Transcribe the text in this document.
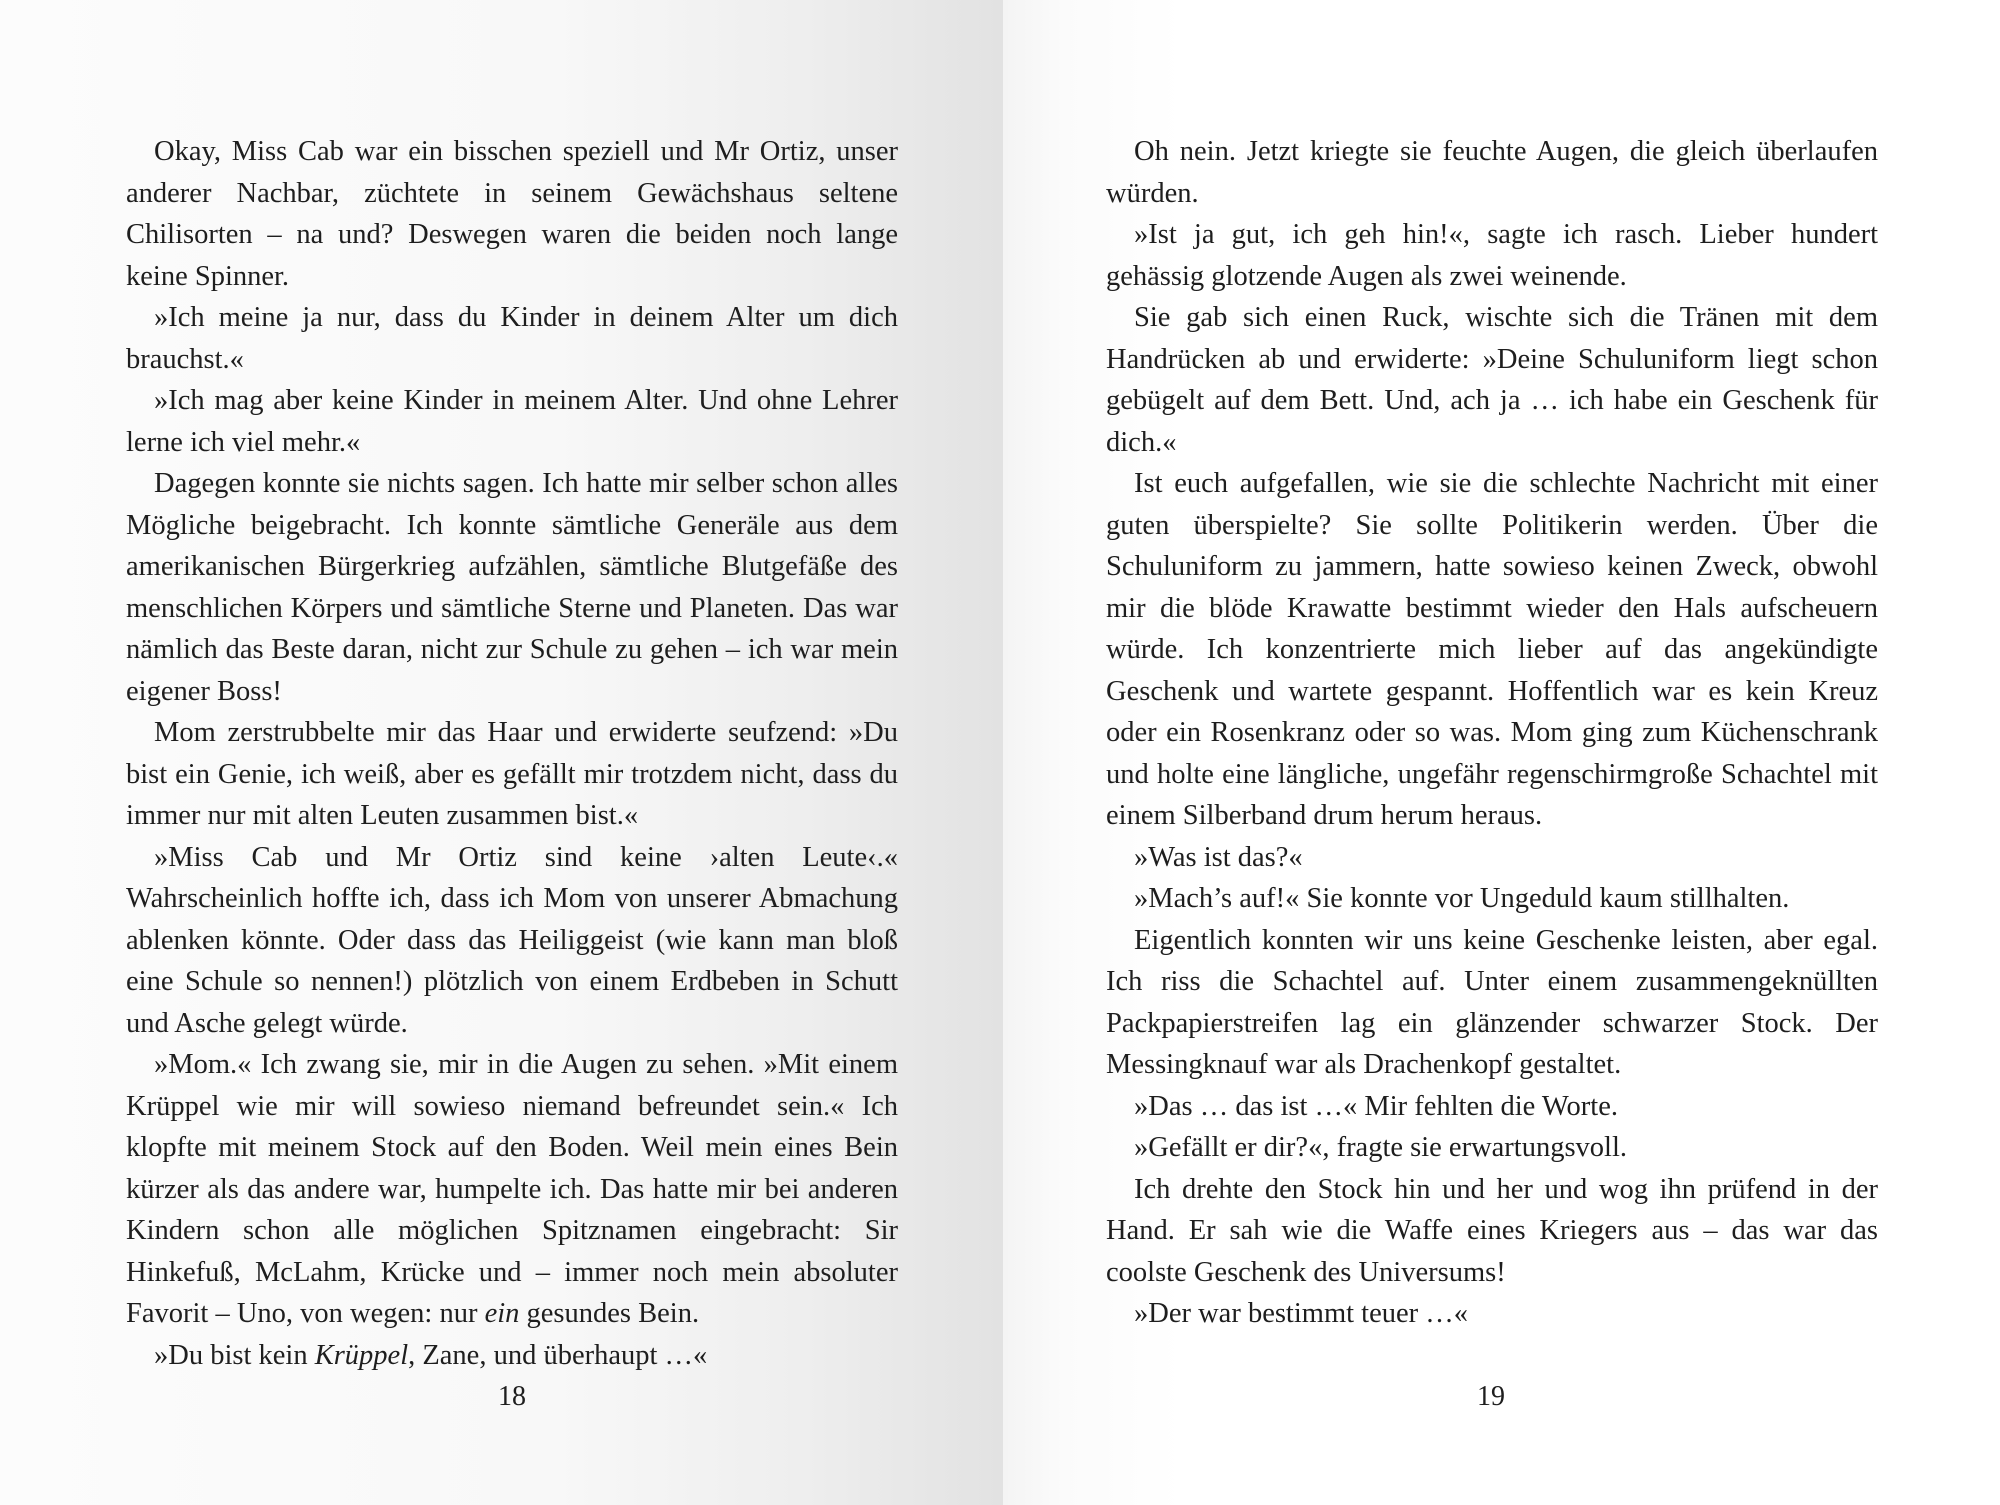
Okay, Miss Cab war ein bisschen speziell und Mr Ortiz, unser anderer Nachbar, züchtete in seinem Gewächshaus seltene Chilisorten – na und? Deswegen waren die beiden noch lange keine Spinner.

»Ich meine ja nur, dass du Kinder in deinem Alter um dich brauchst.«

»Ich mag aber keine Kinder in meinem Alter. Und ohne Lehrer lerne ich viel mehr.«

Dagegen konnte sie nichts sagen. Ich hatte mir selber schon alles Mögliche beigebracht. Ich konnte sämtliche Generäle aus dem amerikanischen Bürgerkrieg aufzählen, sämtliche Blutgefäße des menschlichen Körpers und sämtliche Sterne und Planeten. Das war nämlich das Beste daran, nicht zur Schule zu gehen – ich war mein eigener Boss!

Mom zerstrubbelte mir das Haar und erwiderte seufzend: »Du bist ein Genie, ich weiß, aber es gefällt mir trotzdem nicht, dass du immer nur mit alten Leuten zusammen bist.«

»Miss Cab und Mr Ortiz sind keine ›alten Leute‹.« Wahrscheinlich hoffte ich, dass ich Mom von unserer Abmachung ablenken könnte. Oder dass das Heiliggeist (wie kann man bloß eine Schule so nennen!) plötzlich von einem Erdbeben in Schutt und Asche gelegt würde.

»Mom.« Ich zwang sie, mir in die Augen zu sehen. »Mit einem Krüppel wie mir will sowieso niemand befreundet sein.« Ich klopfte mit meinem Stock auf den Boden. Weil mein eines Bein kürzer als das andere war, humpelte ich. Das hatte mir bei anderen Kindern schon alle möglichen Spitznamen eingebracht: Sir Hinkefuß, McLahm, Krücke und – immer noch mein absoluter Favorit – Uno, von wegen: nur ein gesundes Bein.

»Du bist kein Krüppel, Zane, und überhaupt …«

18

Oh nein. Jetzt kriegte sie feuchte Augen, die gleich überlaufen würden.

»Ist ja gut, ich geh hin!«, sagte ich rasch. Lieber hundert gehässig glotzende Augen als zwei weinende.

Sie gab sich einen Ruck, wischte sich die Tränen mit dem Handrücken ab und erwiderte: »Deine Schuluniform liegt schon gebügelt auf dem Bett. Und, ach ja … ich habe ein Geschenk für dich.«

Ist euch aufgefallen, wie sie die schlechte Nachricht mit einer guten überspielte? Sie sollte Politikerin werden. Über die Schuluniform zu jammern, hatte sowieso keinen Zweck, obwohl mir die blöde Krawatte bestimmt wieder den Hals aufscheuern würde. Ich konzentrierte mich lieber auf das angekündigte Geschenk und wartete gespannt. Hoffentlich war es kein Kreuz oder ein Rosenkranz oder so was. Mom ging zum Küchenschrank und holte eine längliche, ungefähr regenschirmgroße Schachtel mit einem Silberband drum herum heraus.

»Was ist das?«

»Mach’s auf!« Sie konnte vor Ungeduld kaum stillhalten.

Eigentlich konnten wir uns keine Geschenke leisten, aber egal. Ich riss die Schachtel auf. Unter einem zusammengeknüllten Packpapierstreifen lag ein glänzender schwarzer Stock. Der Messingknauf war als Drachenkopf gestaltet.

»Das … das ist …« Mir fehlten die Worte.

»Gefällt er dir?«, fragte sie erwartungsvoll.

Ich drehte den Stock hin und her und wog ihn prüfend in der Hand. Er sah wie die Waffe eines Kriegers aus – das war das coolste Geschenk des Universums!

»Der war bestimmt teuer …«

19
